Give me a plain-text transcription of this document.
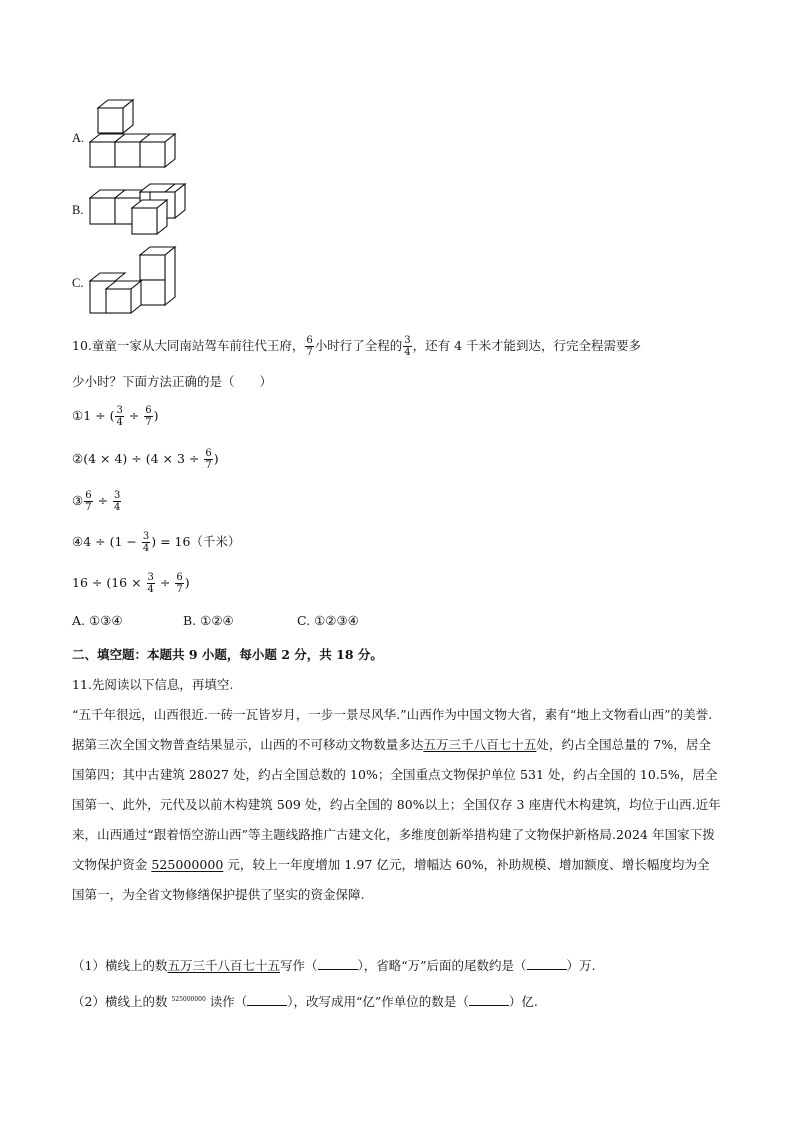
A.
B.
C.
10.童童一家从大同南站驾车前往代王府， $\frac{6}{7}$ 小时行了全程的 $\frac{3}{4}$ ，还有 4 千米才能到达，行完全程需要多
少小时？下面方法正确的是（　　）
①1 ÷ ( $\frac{3}{4} \div \frac{6}{7}$ )
②(4 × $4) \div (4 \times 3 \div \frac{6}{7}$ )
③ $\frac{6}{7} \div \frac{3}{4}$
④4 ÷ ($1 - \frac{3}{4}$ ) = 16（千米）
$16 \div (16 \times \frac{3}{4} \div \frac{6}{7}$ )
A. ①③④	B. ①②④	C. ①②③④
二、填空题：本题共 9 小题，每小题 2 分，共 18 分。
11.先阅读以下信息，再填空.
“五千年很远，山西很近.一砖一瓦皆岁月，一步一景尽风华.”山西作为中国文物大省，素有“地上文物看山西”的美誉.据第三次全国文物普查结果显示，山西的不可移动文物数量多达五万三千八百七十五处，约占全国总量的 7%，居全国第四；其中古建筑 28027 处，约占全国总数的 10%；全国重点文物保护单位 531 处，约占全国的 10.5%，居全国第一、此外，元代及以前木构建筑 509 处，约占全国的 80%以上；全国仅存 3 座唐代木构建筑，均位于山西.近年来，山西通过“跟着悟空游山西”等主题线路推广古建文化，多维度创新举措构建了文物保护新格局.2024 年国家下拨文物保护资金 525000000 元，较上一年度增加 1.97 亿元，增幅达 60%，补助规模、增加额度、增长幅度均为全国第一，为全省文物修缮保护提供了坚实的资金保障.
（1）横线上的数五万三千八百七十五写作（	），省略“万”后面的尾数约是（	）万.
（2）横线上的数 $^{525000000}$ 读作（	），改写成用“亿”作单位的数是（	）亿.
